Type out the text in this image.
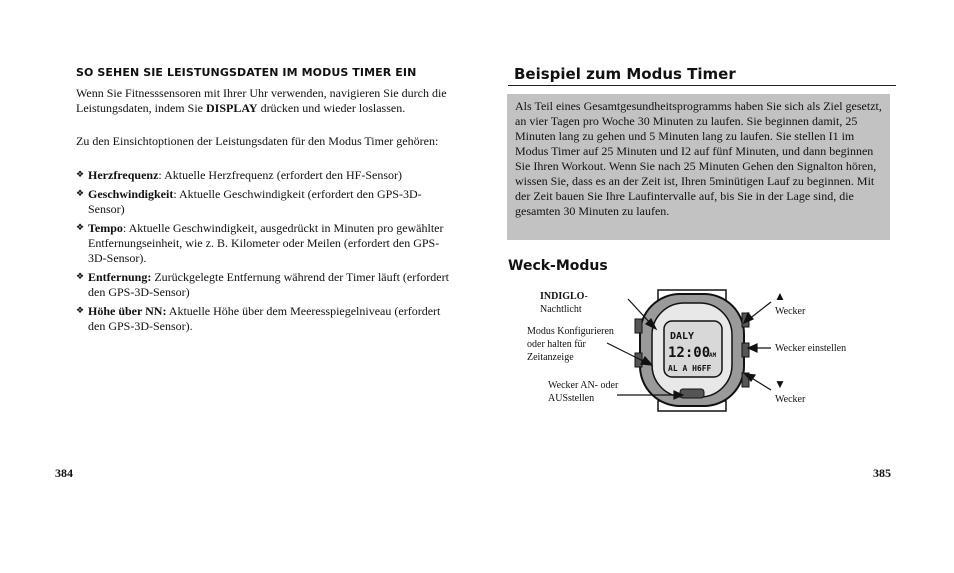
SO SEHEN SIE LEISTUNGSDATEN IM MODUS TIMER EIN

Wenn Sie Fitnesssensoren mit Ihrer Uhr verwenden, navigieren Sie durch die Leistungsdaten, indem Sie DISPLAY drücken und wieder loslassen.

Zu den Einsichtoptionen der Leistungsdaten für den Modus Timer gehören:

❖ Herzfrequenz: Aktuelle Herzfrequenz (erfordert den HF-Sensor)
❖ Geschwindigkeit: Aktuelle Geschwindigkeit (erfordert den GPS-3D-Sensor)
❖ Tempo: Aktuelle Geschwindigkeit, ausgedrückt in Minuten pro gewählter Entfernungseinheit, wie z. B. Kilometer oder Meilen (erfordert den GPS-3D-Sensor).
❖ Entfernung: Zurückgelegte Entfernung während der Timer läuft (erfordert den GPS-3D-Sensor)
❖ Höhe über NN: Aktuelle Höhe über dem Meeresspiegelniveau (erfordert den GPS-3D-Sensor).
384
Beispiel zum Modus Timer

Als Teil eines Gesamtgesundheitsprogramms haben Sie sich als Ziel gesetzt, an vier Tagen pro Woche 30 Minuten zu laufen. Sie beginnen damit, 25 Minuten lang zu gehen und 5 Minuten lang zu laufen. Sie stellen I1 im Modus Timer auf 25 Minuten und I2 auf fünf Minuten, und dann beginnen Sie Ihren Workout. Wenn Sie nach 25 Minuten Gehen den Signalton hören, wissen Sie, dass es an der Zeit ist, Ihren 5minütigen Lauf zu beginnen. Mit der Zeit bauen Sie Ihre Laufintervalle auf, bis Sie in der Lage sind, die gesamten 30 Minuten zu laufen.

Weck-Modus
INDIGLO-
Nachtlicht
Modus Konfigurieren
oder halten für
Zeitanzeige
Wecker AN- oder
AUSstellen
▲
Wecker
Wecker einstellen
▼
Wecker
DALY
12:00
AM
AL A H6FF
385
